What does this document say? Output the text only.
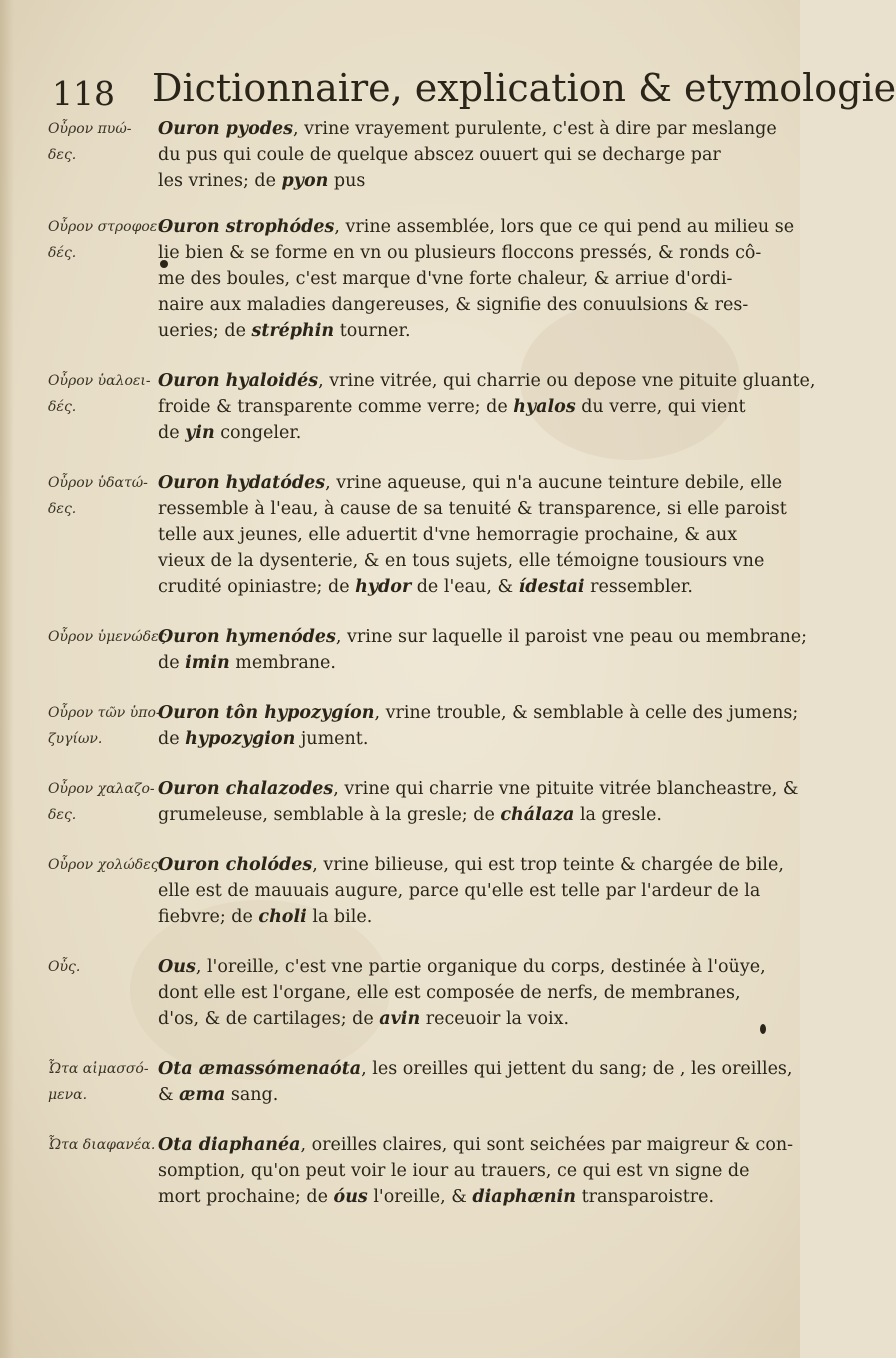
118 Dictionnaire, explication & etymologie
Οὖρον πυώ-
δες.
Ouron pyodes, vrine vrayement purulente, c'est à dire par meslange
du pus qui coule de quelque abscez ouuert qui se decharge par
les vrines; de pyon pus
Οὖρον στροφοει-
δές.
Ouron strophódes, vrine assemblée, lors que ce qui pend au milieu se
lie bien & se forme en vn ou plusieurs floccons pressés, & ronds cô-
me des boules, c'est marque d'vne forte chaleur, & arriue d'ordi-
naire aux maladies dangereuses, & signifie des conuulsions & res-
ueries; de stréphin tourner.
Οὖρον ὑαλοει-
δές.
Ouron hyaloidés, vrine vitrée, qui charrie ou depose vne pituite gluante,
froide & transparente comme verre; de hyalos du verre, qui vient
de yin congeler.
Οὖρον ὑδατώ-
δες.
Ouron hydatódes, vrine aqueuse, qui n'a aucune teinture debile, elle
ressemble à l'eau, à cause de sa tenuité & transparence, si elle paroist
telle aux jeunes, elle aduertit d'vne hemorragie prochaine, & aux
vieux de la dysenterie, & en tous sujets, elle témoigne tousiours vne
crudité opiniastre; de hydor de l'eau, & ídestai ressembler.
Οὖρον ὑμενώδες
Ouron hymenódes, vrine sur laquelle il paroist vne peau ou membrane;
de imin membrane.
Οὖρον τῶν ὑπο-
ζυγίων.
Ouron tôn hypozygíon, vrine trouble, & semblable à celle des jumens;
de hypozygion jument.
Οὖρον χαλαζο-
δες.
Ouron chalazodes, vrine qui charrie vne pituite vitrée blancheastre, &
grumeleuse, semblable à la gresle; de chálaza la gresle.
Οὖρον χολώδες Ouron cholódes, vrine bilieuse, qui est trop teinte & chargée de bile,
elle est de mauuais augure, parce qu'elle est telle par l'ardeur de la
fiebvre; de choli la bile.
Οὖς.	Ous, l'oreille, c'est vne partie organique du corps, destinée à l'oüye,
dont elle est l'organe, elle est composée de nerfs, de membranes,
d'os, & de cartilages; de avin receuoir la voix.
Ὦτα αἱμασσό-
μενα.
Ota æmassómenaóta, les oreilles qui jettent du sang; de , les oreilles,
& æma sang.
Ὦτα διαφανέα. Ota diaphanéa, oreilles claires, qui sont seichées par maigreur & con-
somption, qu'on peut voir le iour au trauers, ce qui est vn signe de
mort prochaine; de óus l'oreille, & diaphænin transparoistre.
